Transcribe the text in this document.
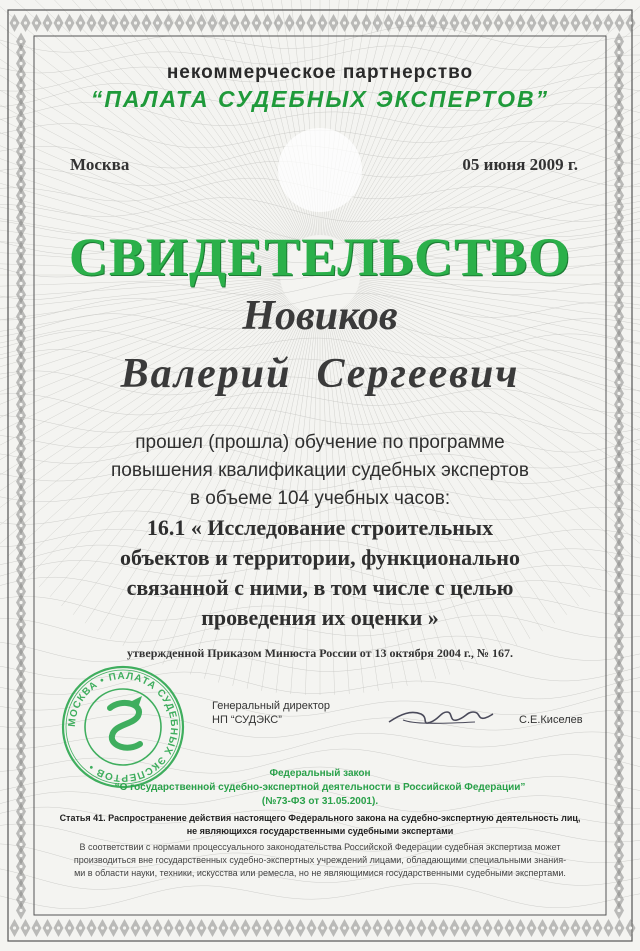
некоммерческое партнерство
“ПАЛАТА СУДЕБНЫХ ЭКСПЕРТОВ”
Москва	05 июня 2009 г.
СВИДЕТЕЛЬСТВО
Новиков
Валерий  Сергеевич
прошел (прошла) обучение по программе
повышения квалификации судебных экспертов
в объеме 104 учебных часов:
16.1 « Исследование строительных
объектов и территории, функционально
связанной с ними, в том числе с целью
проведения их оценки »
утвержденной Приказом Минюста России от 13 октября 2004 г., № 167.
МОСКВА • ПАЛАТА СУДЕБНЫХ ЭКСПЕРТОВ •
Генеральный директор
НП “СУДЭКС”	С.Е.Киселев
Федеральный закон
“О государственной судебно-экспертной деятельности в Российской Федерации”
(№73-ФЗ от 31.05.2001).
Статья 41. Распространение действия настоящего Федерального закона на судебно-экспертную деятельность лиц,
не являющихся государственными судебными экспертами
В соответствии с нормами процессуального законодательства Российской Федерации судебная экспертиза может
производиться вне государственных судебно-экспертных учреждений лицами, обладающими специальными знания-
ми в области науки, техники, искусства или ремесла, но не являющимися государственными судебными экспертами.
